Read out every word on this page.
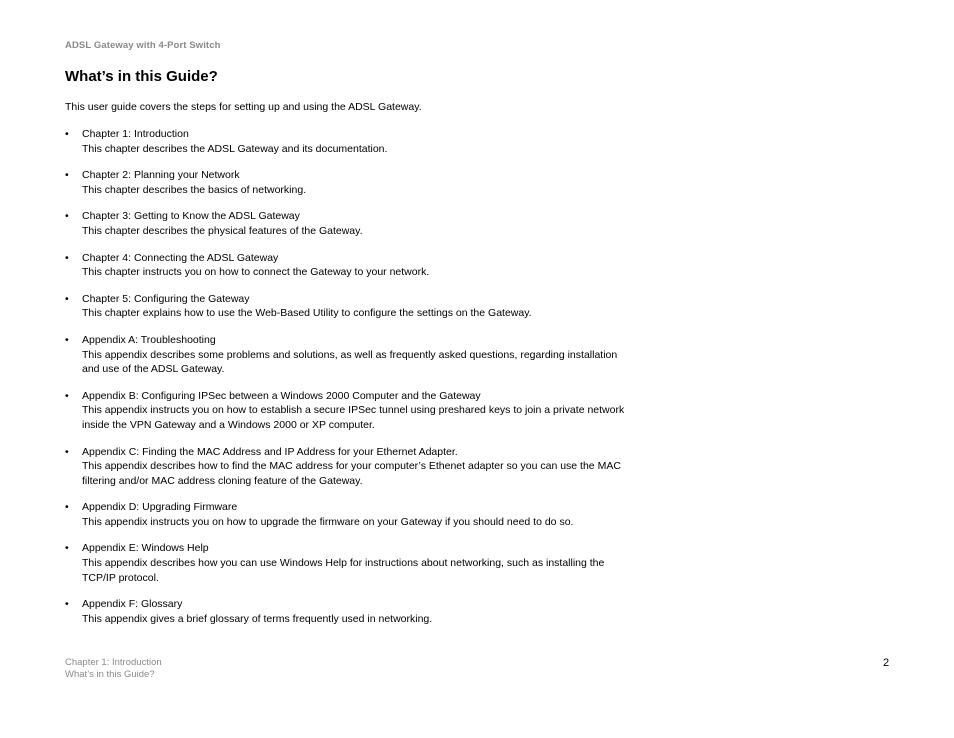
ADSL Gateway with 4-Port Switch
What’s in this Guide?

This user guide covers the steps for setting up and using the ADSL Gateway.

• Chapter 1: Introduction
This chapter describes the ADSL Gateway and its documentation.
• Chapter 2: Planning your Network
This chapter describes the basics of networking.
• Chapter 3: Getting to Know the ADSL Gateway
This chapter describes the physical features of the Gateway.
• Chapter 4: Connecting the ADSL Gateway
This chapter instructs you on how to connect the Gateway to your network.
• Chapter 5: Configuring the Gateway
This chapter explains how to use the Web-Based Utility to configure the settings on the Gateway.
• Appendix A: Troubleshooting
This appendix describes some problems and solutions, as well as frequently asked questions, regarding installation and use of the ADSL Gateway.
• Appendix B: Configuring IPSec between a Windows 2000 Computer and the Gateway
This appendix instructs you on how to establish a secure IPSec tunnel using preshared keys to join a private network inside the VPN Gateway and a Windows 2000 or XP computer.
• Appendix C: Finding the MAC Address and IP Address for your Ethernet Adapter.
This appendix describes how to find the MAC address for your computer’s Ethenet adapter so you can use the MAC filtering and/or MAC address cloning feature of the Gateway.
• Appendix D: Upgrading Firmware
This appendix instructs you on how to upgrade the firmware on your Gateway if you should need to do so.
• Appendix E: Windows Help
This appendix describes how you can use Windows Help for instructions about networking, such as installing the TCP/IP protocol.
• Appendix F: Glossary
This appendix gives a brief glossary of terms frequently used in networking.
Chapter 1: Introduction
What’s in this Guide?
2
